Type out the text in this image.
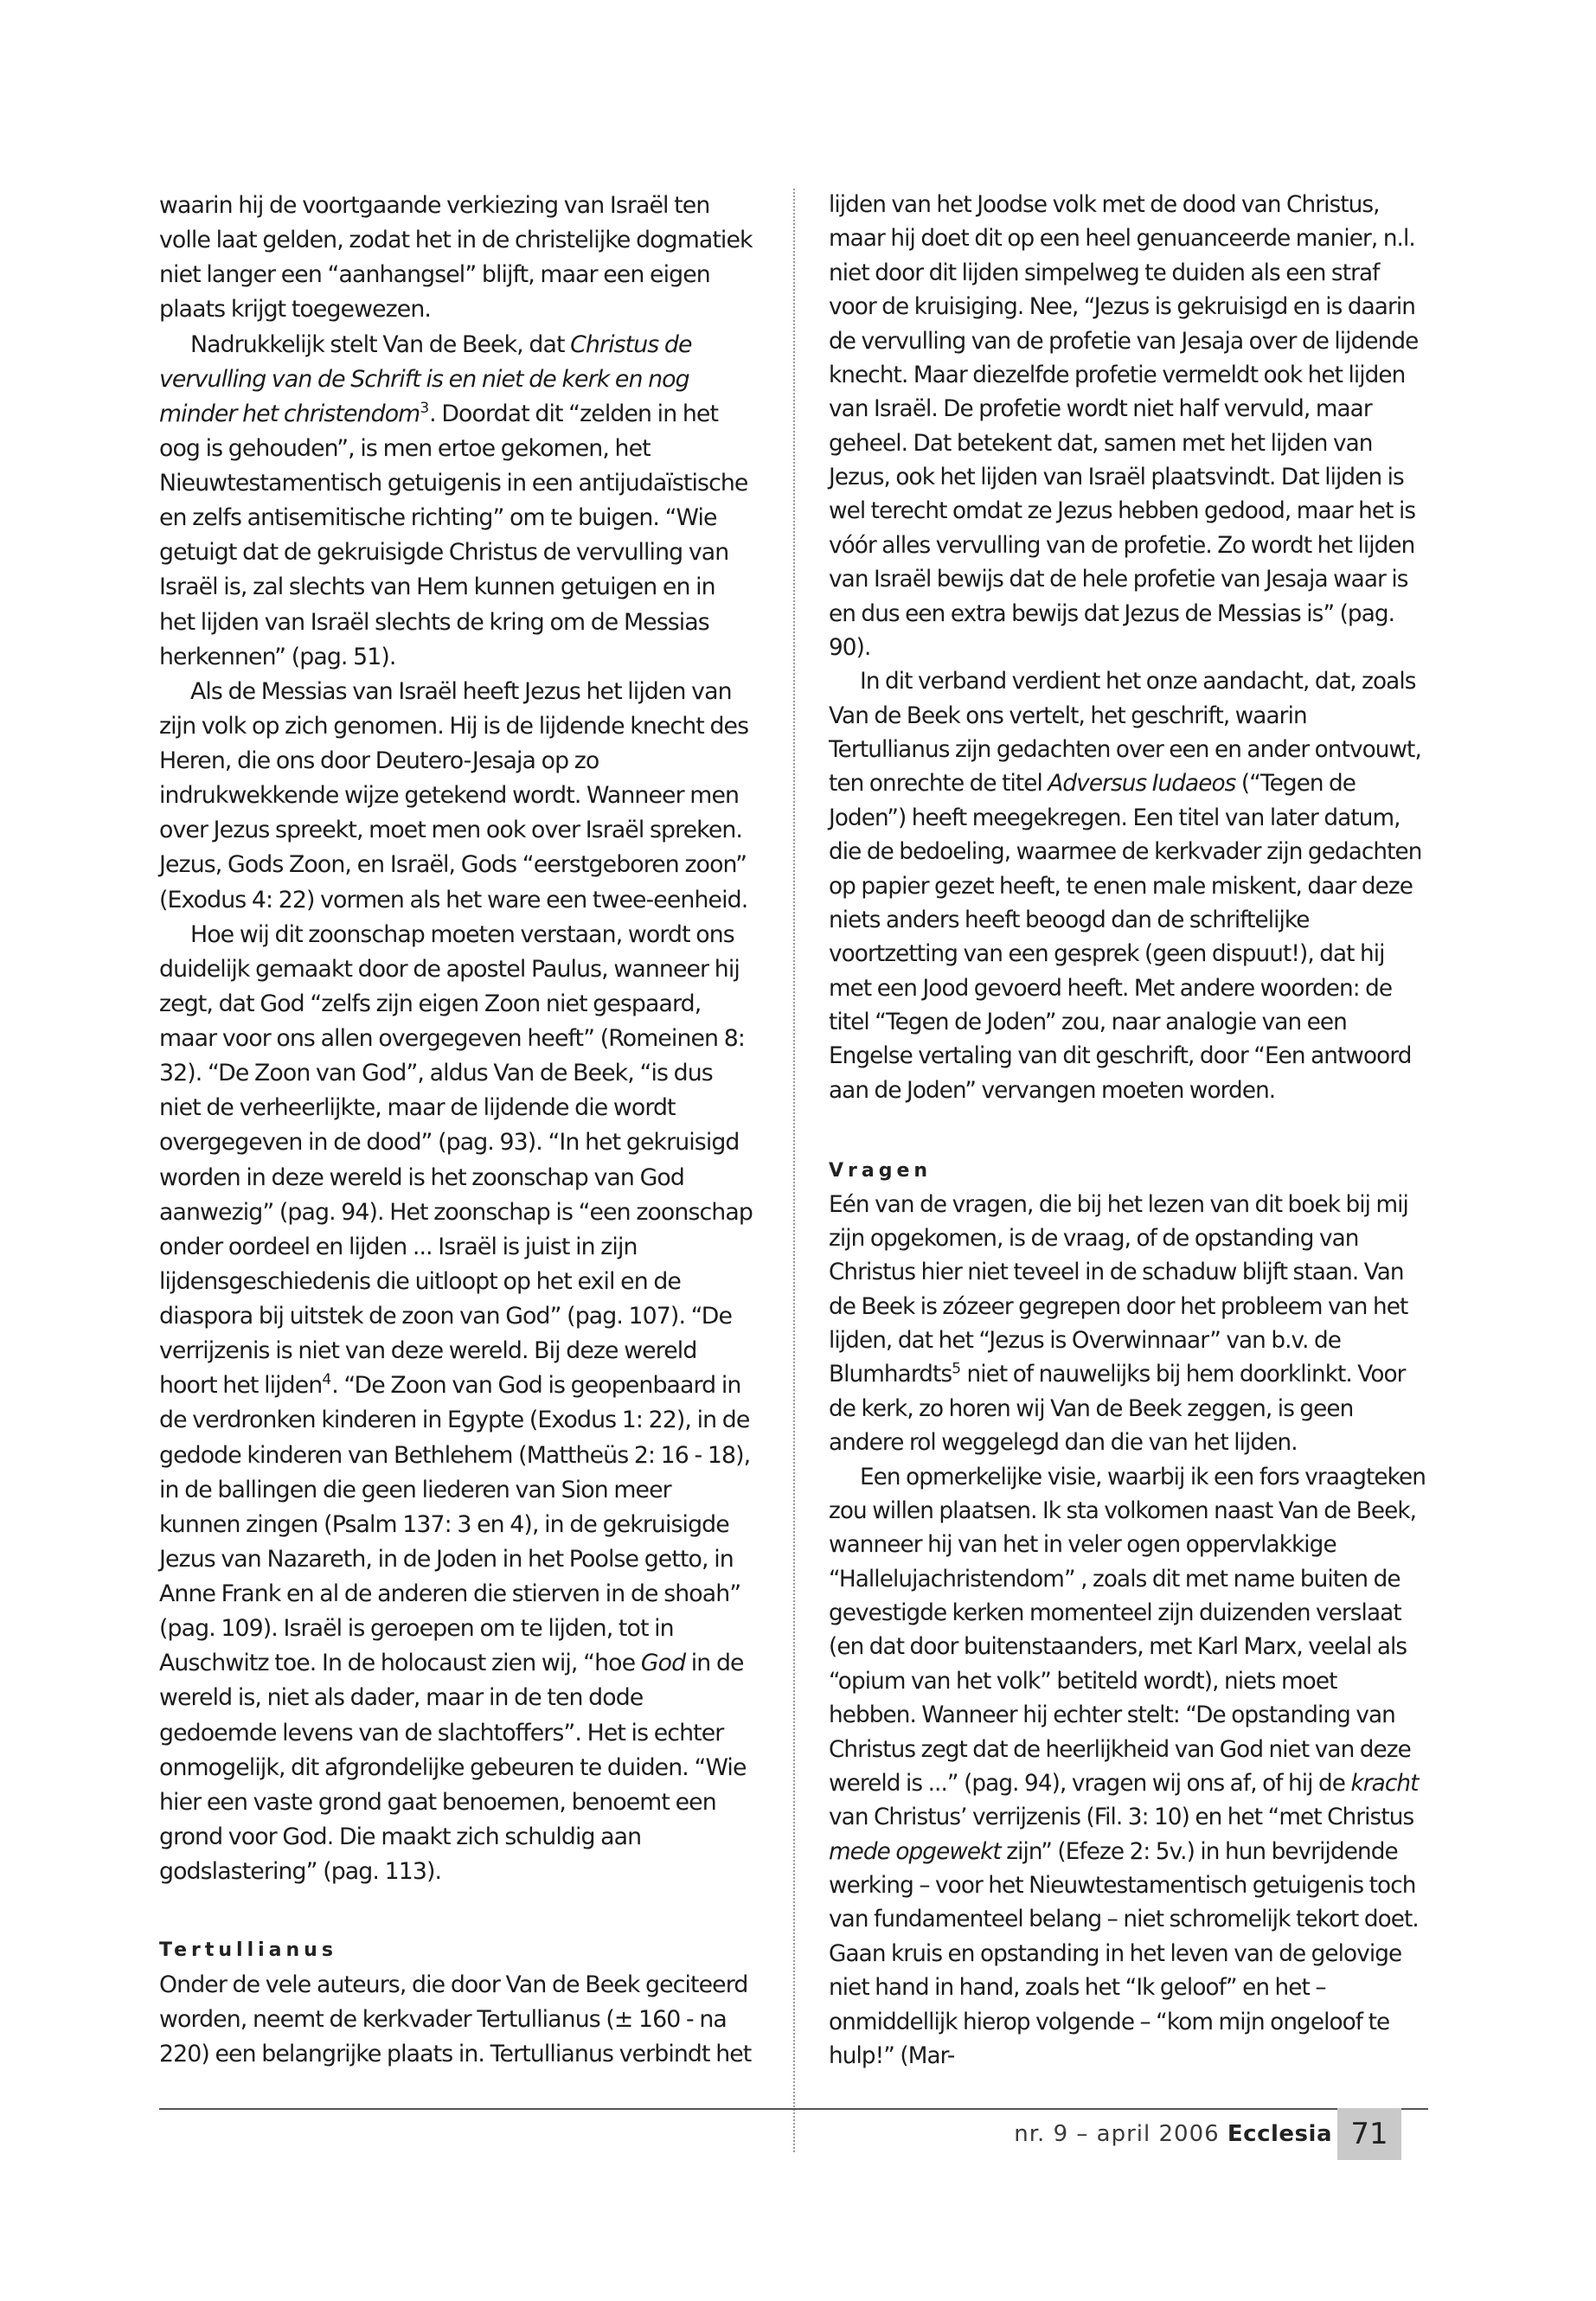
waarin hij de voortgaande verkiezing van Israël ten volle laat gelden, zodat het in de christelijke dogmatiek niet langer een “aanhangsel” blijft, maar een eigen plaats krijgt toegewezen.

Nadrukkelijk stelt Van de Beek, dat Christus de vervulling van de Schrift is en niet de kerk en nog minder het christendom$^3$. Doordat dit “zelden in het oog is gehouden”, is men ertoe gekomen, het Nieuwtestamentisch getuigenis in een antijudaïstische en zelfs antisemitische richting” om te buigen. “Wie getuigt dat de gekruisigde Christus de vervulling van Israël is, zal slechts van Hem kunnen getuigen en in het lijden van Israël slechts de kring om de Messias herkennen” (pag. 51).

Als de Messias van Israël heeft Jezus het lijden van zijn volk op zich genomen. Hij is de lijdende knecht des Heren, die ons door Deutero-Jesaja op zo indrukwekkende wijze getekend wordt. Wanneer men over Jezus spreekt, moet men ook over Israël spreken. Jezus, Gods Zoon, en Israël, Gods “eerstgeboren zoon” (Exodus 4: 22) vormen als het ware een twee-eenheid.

Hoe wij dit zoonschap moeten verstaan, wordt ons duidelijk gemaakt door de apostel Paulus, wanneer hij zegt, dat God “zelfs zijn eigen Zoon niet gespaard, maar voor ons allen overgegeven heeft” (Romeinen 8: 32). “De Zoon van God”, aldus Van de Beek, “is dus niet de verheerlijkte, maar de lijdende die wordt overgegeven in de dood” (pag. 93). “In het gekruisigd worden in deze wereld is het zoonschap van God aanwezig” (pag. 94). Het zoonschap is “een zoonschap onder oordeel en lijden ... Israël is juist in zijn lijdensgeschiedenis die uitloopt op het exil en de diaspora bij uitstek de zoon van God” (pag. 107). “De verrijzenis is niet van deze wereld. Bij deze wereld hoort het lijden$^4$. “De Zoon van God is geopenbaard in de verdronken kinderen in Egypte (Exodus 1: 22), in de gedode kinderen van Bethlehem (Mattheüs 2: 16 - 18), in de ballingen die geen liederen van Sion meer kunnen zingen (Psalm 137: 3 en 4), in de gekruisigde Jezus van Nazareth, in de Joden in het Poolse getto, in Anne Frank en al de anderen die stierven in de shoah” (pag. 109). Israël is geroepen om te lijden, tot in Auschwitz toe. In de holocaust zien wij, “hoe God in de wereld is, niet als dader, maar in de ten dode gedoemde levens van de slachtoffers”. Het is echter onmogelijk, dit afgrondelijke gebeuren te duiden. “Wie hier een vaste grond gaat benoemen, benoemt een grond voor God. Die maakt zich schuldig aan godslastering” (pag. 113).

Tertullianus

Onder de vele auteurs, die door Van de Beek geciteerd worden, neemt de kerkvader Tertullianus (± 160 - na 220) een belangrijke plaats in. Tertullianus verbindt het

lijden van het Joodse volk met de dood van Christus, maar hij doet dit op een heel genuanceerde manier, n.l. niet door dit lijden simpelweg te duiden als een straf voor de kruisiging. Nee, “Jezus is gekruisigd en is daarin de vervulling van de profetie van Jesaja over de lijdende knecht. Maar diezelfde profetie vermeldt ook het lijden van Israël. De profetie wordt niet half vervuld, maar geheel. Dat betekent dat, samen met het lijden van Jezus, ook het lijden van Israël plaatsvindt. Dat lijden is wel terecht omdat ze Jezus hebben gedood, maar het is vóór alles vervulling van de profetie. Zo wordt het lijden van Israël bewijs dat de hele profetie van Jesaja waar is en dus een extra bewijs dat Jezus de Messias is” (pag. 90).

In dit verband verdient het onze aandacht, dat, zoals Van de Beek ons vertelt, het geschrift, waarin Tertullianus zijn gedachten over een en ander ontvouwt, ten onrechte de titel Adversus Iudaeos (“Tegen de Joden”) heeft meegekregen. Een titel van later datum, die de bedoeling, waarmee de kerkvader zijn gedachten op papier gezet heeft, te enen male miskent, daar deze niets anders heeft beoogd dan de schriftelijke voortzetting van een gesprek (geen dispuut!), dat hij met een Jood gevoerd heeft. Met andere woorden: de titel “Tegen de Joden” zou, naar analogie van een Engelse vertaling van dit geschrift, door “Een antwoord aan de Joden” vervangen moeten worden.

Vragen

Eén van de vragen, die bij het lezen van dit boek bij mij zijn opgekomen, is de vraag, of de opstanding van Christus hier niet teveel in de schaduw blijft staan. Van de Beek is zózeer gegrepen door het probleem van het lijden, dat het “Jezus is Overwinnaar” van b.v. de Blumhardts$^5$ niet of nauwelijks bij hem doorklinkt. Voor de kerk, zo horen wij Van de Beek zeggen, is geen andere rol weggelegd dan die van het lijden.

Een opmerkelijke visie, waarbij ik een fors vraagteken zou willen plaatsen. Ik sta volkomen naast Van de Beek, wanneer hij van het in veler ogen oppervlakkige “Hallelujachristendom” , zoals dit met name buiten de gevestigde kerken momenteel zijn duizenden verslaat (en dat door buitenstaanders, met Karl Marx, veelal als “opium van het volk” betiteld wordt), niets moet hebben. Wanneer hij echter stelt: “De opstanding van Christus zegt dat de heerlijkheid van God niet van deze wereld is ...” (pag. 94), vragen wij ons af, of hij de kracht van Christus’ verrijzenis (Fil. 3: 10) en het “met Christus mede opgewekt zijn” (Efeze 2: 5v.) in hun bevrijdende werking – voor het Nieuwtestamentisch getuigenis toch van fundamenteel belang – niet schromelijk tekort doet. Gaan kruis en opstanding in het leven van de gelovige niet hand in hand, zoals het “Ik geloof” en het – onmiddellijk hierop volgende – “kom mijn ongeloof te hulp!” (Mar-

nr. 9 – april 2006 Ecclesia 71
